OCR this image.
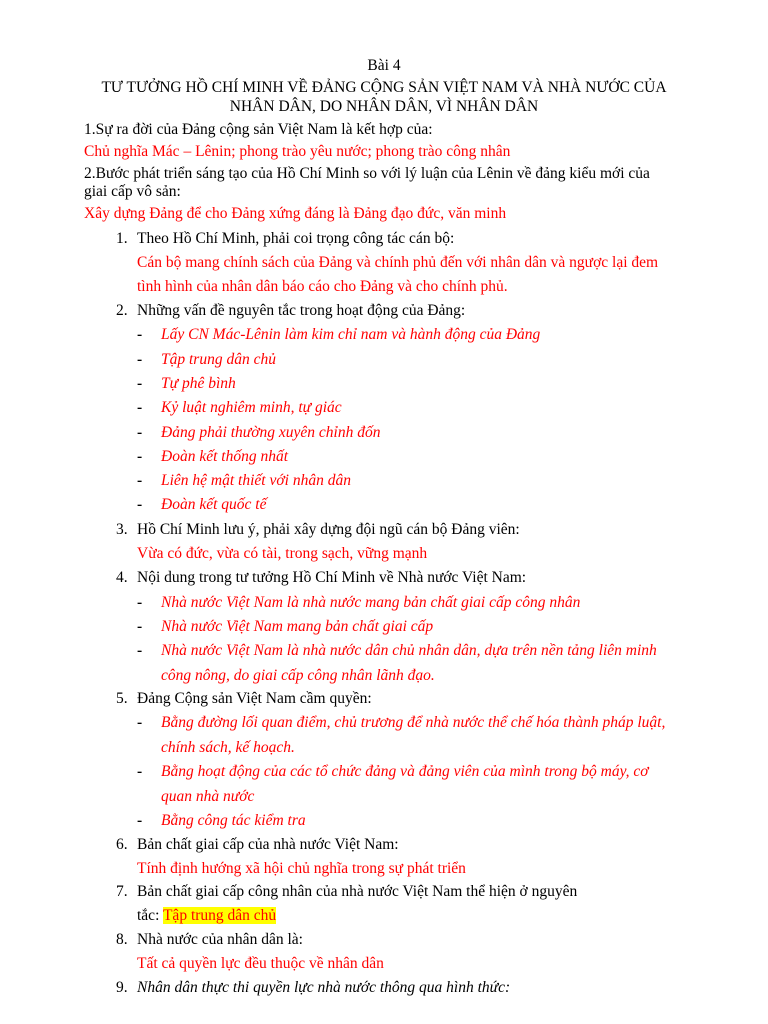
Bài 4
TƯ TƯỞNG HỒ CHÍ MINH VỀ ĐẢNG CỘNG SẢN VIỆT NAM VÀ NHÀ NƯỚC CỦA
NHÂN DÂN, DO NHÂN DÂN, VÌ NHÂN DÂN
1.Sự ra đời của Đảng cộng sản Việt Nam là kết hợp của:
Chủ nghĩa Mác – Lênin; phong trào yêu nước; phong trào công nhân
2.Bước phát triển sáng tạo của Hồ Chí Minh so với lý luận của Lênin về đảng kiểu mới của
giai cấp vô sản:
Xây dựng Đảng để cho Đảng xứng đáng là Đảng đạo đức, văn minh
1. Theo Hồ Chí Minh, phải coi trọng công tác cán bộ:
Cán bộ mang chính sách của Đảng và chính phủ đến với nhân dân và ngược lại đem
tình hình của nhân dân báo cáo cho Đảng và cho chính phủ.
2. Những vấn đề nguyên tắc trong hoạt động của Đảng:
- Lấy CN Mác-Lênin làm kim chỉ nam và hành động của Đảng
- Tập trung dân chủ
- Tự phê bình
- Kỷ luật nghiêm minh, tự giác
- Đảng phải thường xuyên chỉnh đốn
- Đoàn kết thống nhất
- Liên hệ mật thiết với nhân dân
- Đoàn kết quốc tế
3. Hồ Chí Minh lưu ý, phải xây dựng đội ngũ cán bộ Đảng viên:
Vừa có đức, vừa có tài, trong sạch, vững mạnh
4. Nội dung trong tư tưởng Hồ Chí Minh về Nhà nước Việt Nam:
- Nhà nước Việt Nam là nhà nước mang bản chất giai cấp công nhân
- Nhà nước Việt Nam mang bản chất giai cấp
- Nhà nước Việt Nam là nhà nước dân chủ nhân dân, dựa trên nền tảng liên minh
công nông, do giai cấp công nhân lãnh đạo.
5. Đảng Cộng sản Việt Nam cầm quyền:
- Bằng đường lối quan điểm, chủ trương để nhà nước thể chế hóa thành pháp luật,
chính sách, kế hoạch.
- Bằng hoạt động của các tổ chức đảng và đảng viên của mình trong bộ máy, cơ
quan nhà nước
- Bằng công tác kiểm tra
6. Bản chất giai cấp của nhà nước Việt Nam:
Tính định hướng xã hội chủ nghĩa trong sự phát triển
7. Bản chất giai cấp công nhân của nhà nước Việt Nam thể hiện ở nguyên
tắc: Tập trung dân chủ
8. Nhà nước của nhân dân là:
Tất cả quyền lực đều thuộc về nhân dân
9. Nhân dân thực thi quyền lực nhà nước thông qua hình thức:
